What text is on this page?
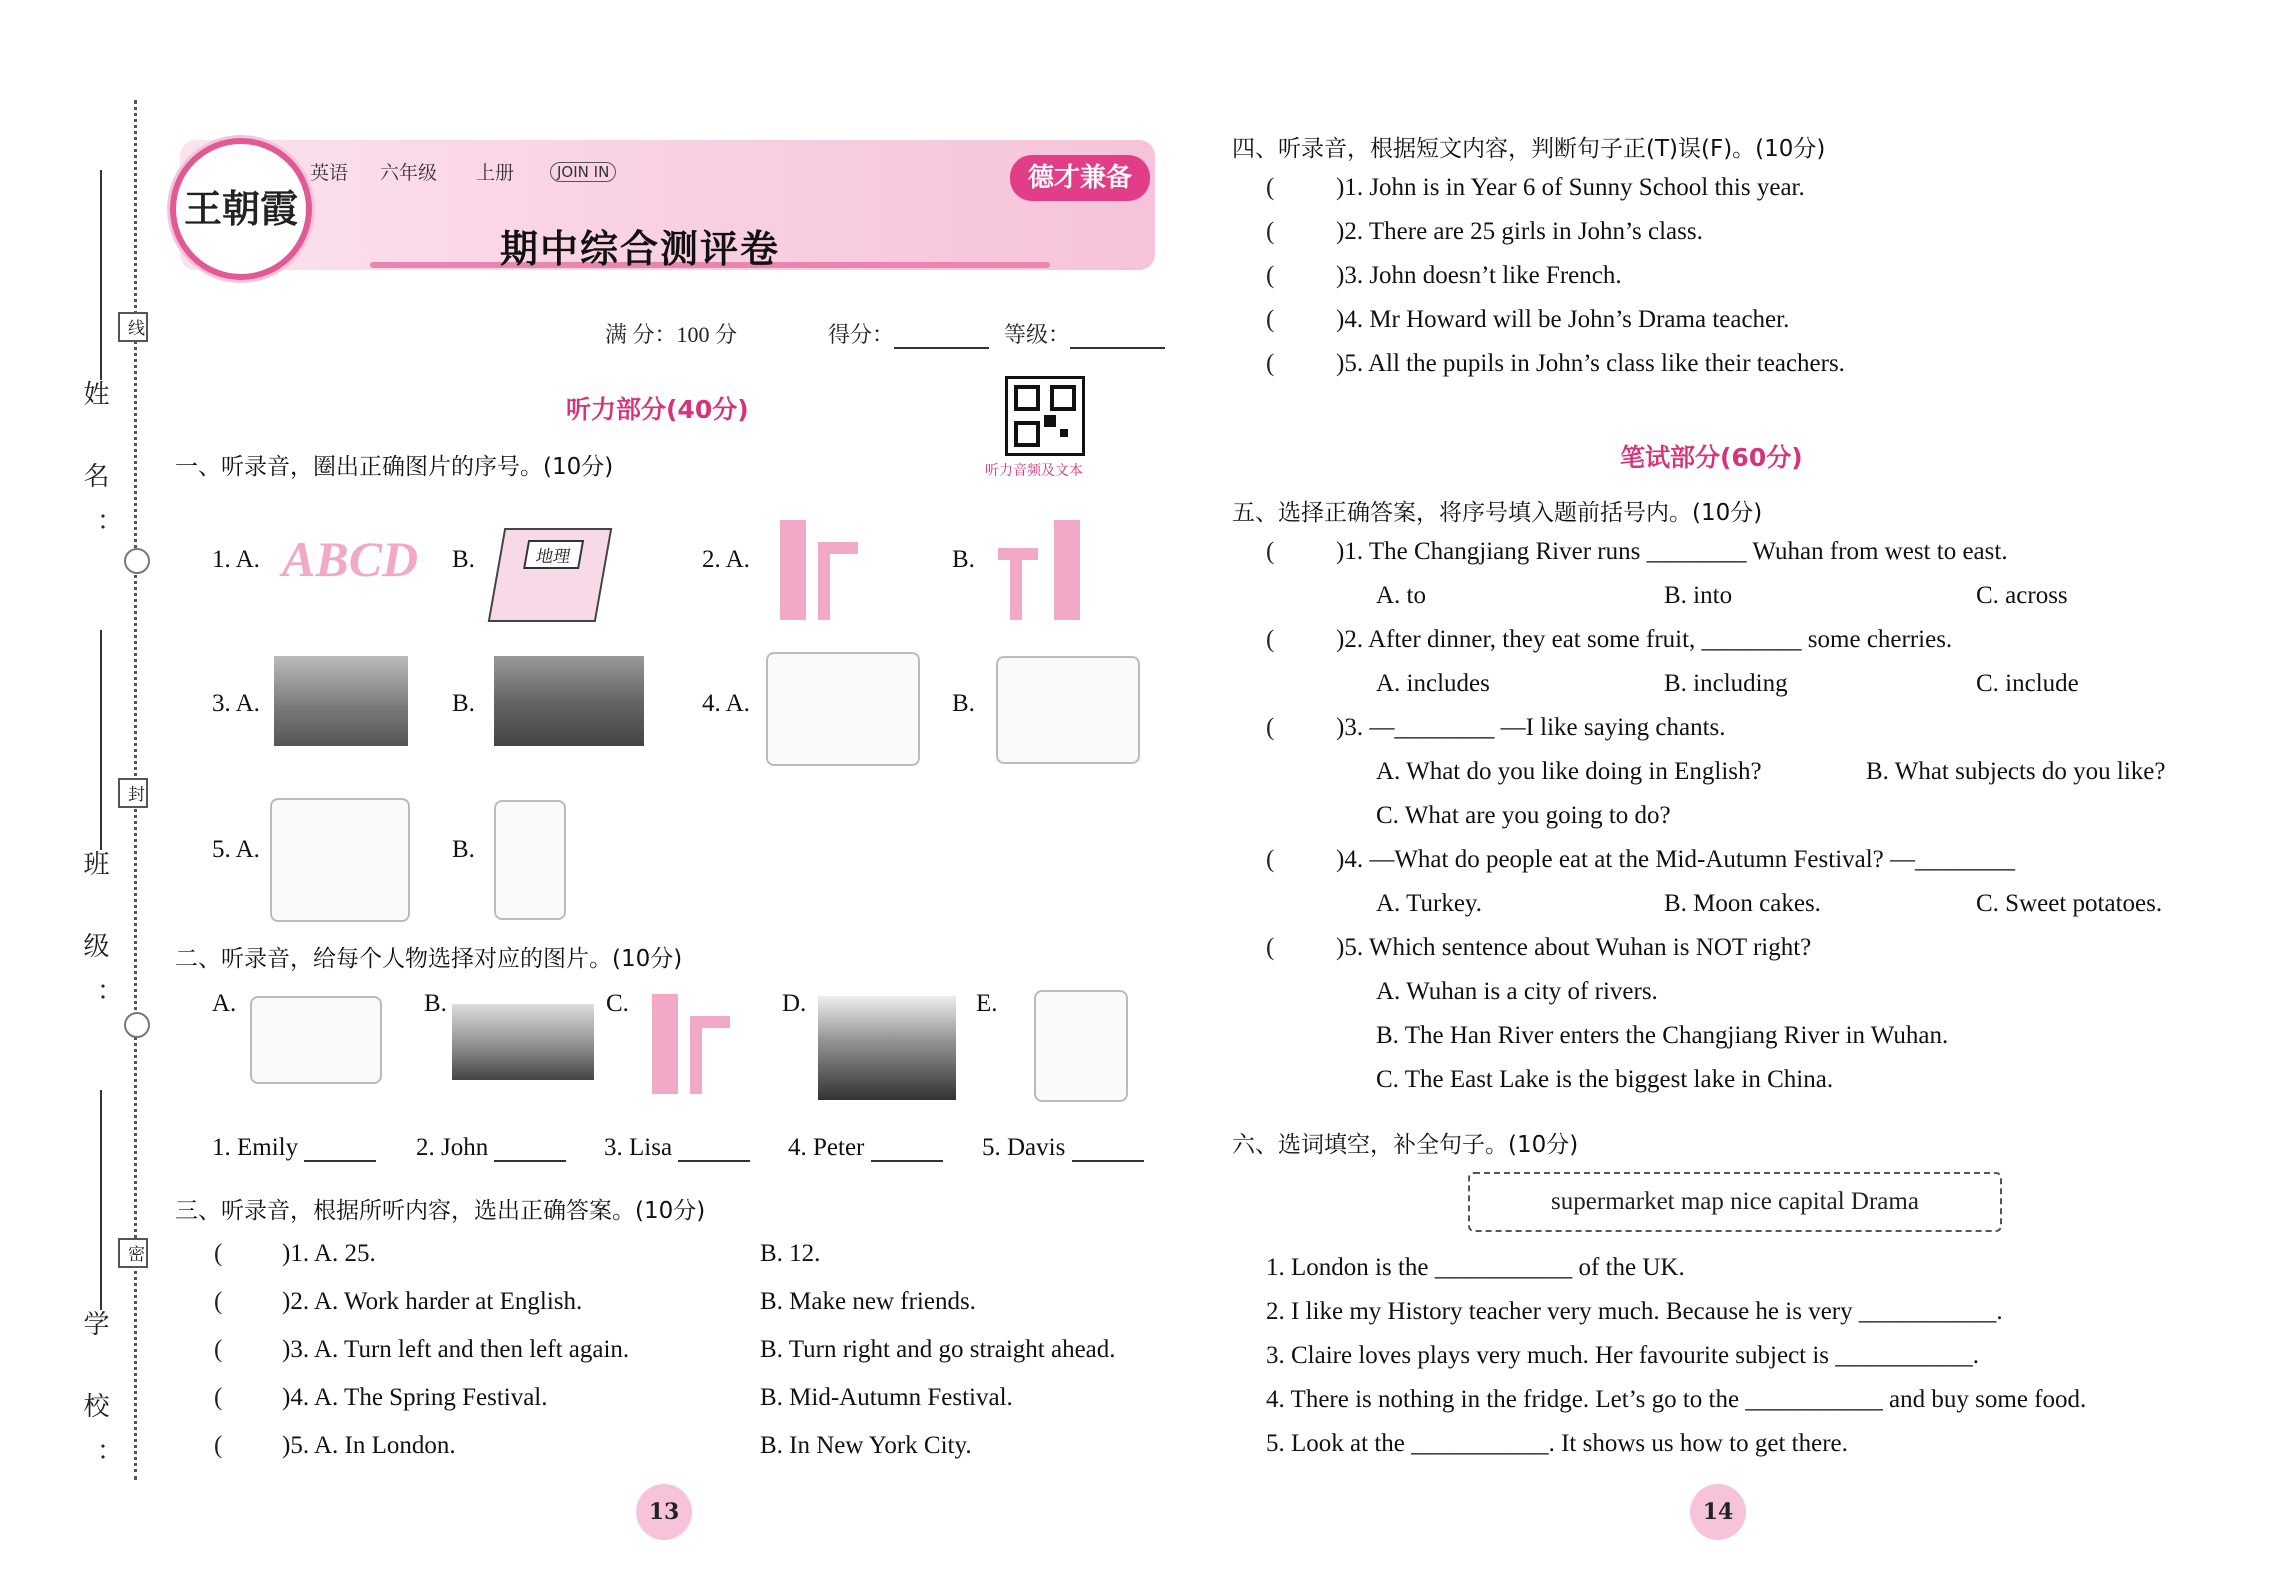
姓 名：
线
班 级：
封
学 校：
密
王朝霞
英语 六年级 上册	JOIN IN
期中综合测评卷
德才兼备
满 分：100 分	得分：	等级：
听力音频及文本
听力部分(40分)
一、听录音，圈出正确图片的序号。(10分)
1. A. ABCD B.	地理	2. A.	B.
3. A.	B.	4. A.	B.
5. A.	B.
二、听录音，给每个人物选择对应的图片。(10分)
A.	B.	C.	D.	E.
1. Emily	2. John	3. Lisa	4. Peter	5. Davis
三、听录音，根据所听内容，选出正确答案。(10分)
( )1. A. 25.	B. 12.
( )2. A. Work harder at English.	B. Make new friends.
( )3. A. Turn left and then left again.	B. Turn right and go straight ahead.
( )4. A. The Spring Festival.	B. Mid-Autumn Festival.
( )5. A. In London.	B. In New York City.
13
四、听录音，根据短文内容，判断句子正(T)误(F)。(10分)
( )1. John is in Year 6 of Sunny School this year.
( )2. There are 25 girls in John’s class.
( )3. John doesn’t like French.
( )4. Mr Howard will be John’s Drama teacher.
( )5. All the pupils in John’s class like their teachers.
笔试部分(60分)
五、选择正确答案，将序号填入题前括号内。(10分)
( )1. The Changjiang River runs ________ Wuhan from west to east.
A. to	B. into	C. across
( )2. After dinner, they eat some fruit, ________ some cherries.
A. includes	B. including	C. include
( )3. —________ —I like saying chants.
A. What do you like doing in English?	B. What subjects do you like?
C. What are you going to do?
( )4. —What do people eat at the Mid-Autumn Festival? —________
A. Turkey.	B. Moon cakes.	C. Sweet potatoes.
( )5. Which sentence about Wuhan is NOT right?
A. Wuhan is a city of rivers.
B. The Han River enters the Changjiang River in Wuhan.
C. The East Lake is the biggest lake in China.
六、选词填空，补全句子。(10分)
supermarket map nice capital Drama
1. London is the ___________ of the UK.
2. I like my History teacher very much. Because he is very ___________.
3. Claire loves plays very much. Her favourite subject is ___________.
4. There is nothing in the fridge. Let’s go to the ___________ and buy some food.
5. Look at the ___________. It shows us how to get there.
14
